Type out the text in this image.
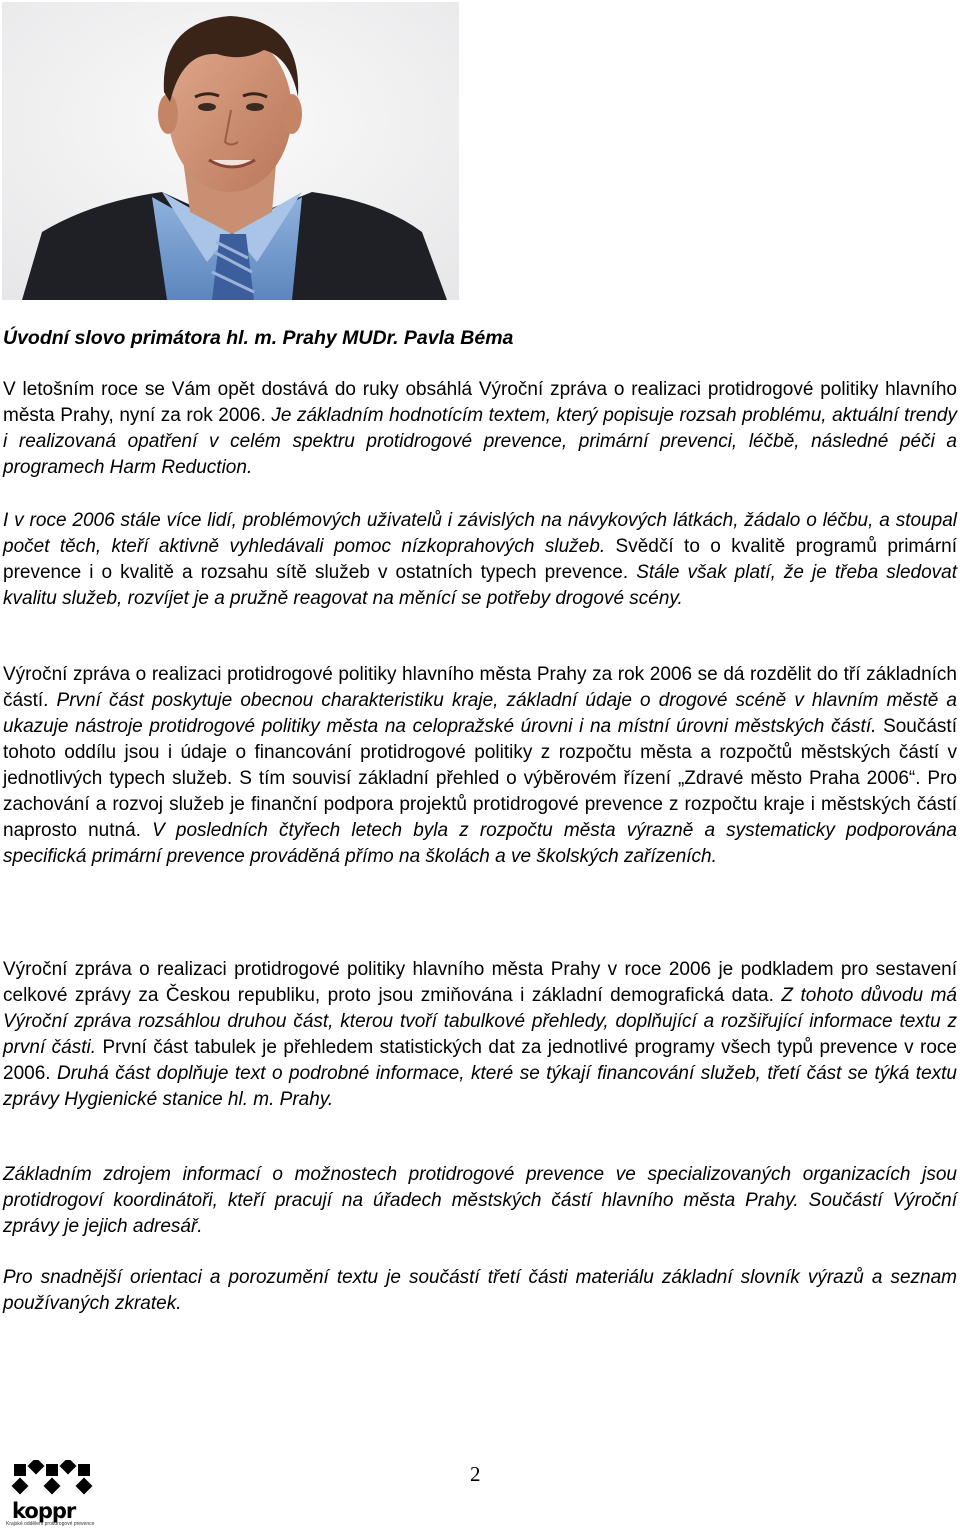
Úvodní slovo primátora hl. m. Prahy MUDr. Pavla Béma

V letošním roce se Vám opět dostává do ruky obsáhlá Výroční zpráva o realizaci protidrogové politiky hlavního města Prahy, nyní za rok 2006. Je základním hodnotícím textem, který popisuje rozsah problému, aktuální trendy i realizovaná opatření v celém spektru protidrogové prevence, primární prevenci, léčbě, následné péči a programech Harm Reduction.

I v roce 2006 stále více lidí, problémových uživatelů i závislých na návykových látkách, žádalo o léčbu, a stoupal počet těch, kteří aktivně vyhledávali pomoc nízkoprahových služeb. Svědčí to o kvalitě programů primární prevence i o kvalitě a rozsahu sítě služeb v ostatních typech prevence. Stále však platí, že je třeba sledovat kvalitu služeb, rozvíjet je a pružně reagovat na měnící se potřeby drogové scény.

Výroční zpráva o realizaci protidrogové politiky hlavního města Prahy za rok 2006 se dá rozdělit do tří základních částí. První část poskytuje obecnou charakteristiku kraje, základní údaje o drogové scéně v hlavním městě a ukazuje nástroje protidrogové politiky města na celopražské úrovni i na místní úrovni městských částí. Součástí tohoto oddílu jsou i údaje o financování protidrogové politiky z rozpočtu města a rozpočtů městských částí v jednotlivých typech služeb. S tím souvisí základní přehled o výběrovém řízení „Zdravé město Praha 2006“. Pro zachování a rozvoj služeb je finanční podpora projektů protidrogové prevence z rozpočtu kraje i městských částí naprosto nutná. V posledních čtyřech letech byla z rozpočtu města výrazně a systematicky podporována specifická primární prevence prováděná přímo na školách a ve školských zařízeních.

Výroční zpráva o realizaci protidrogové politiky hlavního města Prahy v roce 2006 je podkladem pro sestavení celkové zprávy za Českou republiku, proto jsou zmiňována i základní demografická data. Z tohoto důvodu má Výroční zpráva rozsáhlou druhou část, kterou tvoří tabulkové přehledy, doplňující a rozšiřující informace textu z první části. První část tabulek je přehledem statistických dat za jednotlivé programy všech typů prevence v roce 2006. Druhá část doplňuje text o podrobné informace, které se týkají financování služeb, třetí část se týká textu zprávy Hygienické stanice hl. m. Prahy.

Základním zdrojem informací o možnostech protidrogové prevence ve specializovaných organizacích jsou protidrogoví koordinátoři, kteří pracují na úřadech městských částí hlavního města Prahy. Součástí Výroční zprávy je jejich adresář.

Pro snadnější orientaci a porozumění textu je součástí třetí části materiálu základní slovník výrazů a seznam používaných zkratek.

2
koppr
Krajské oddělení protidrogové prevence
